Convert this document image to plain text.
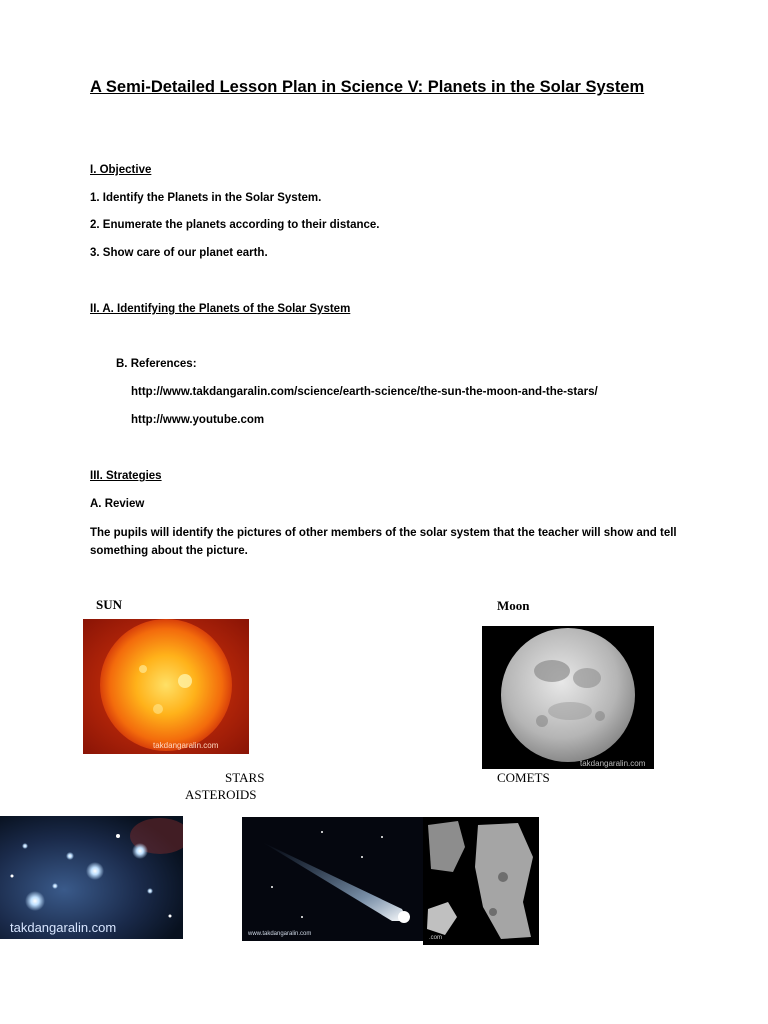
A Semi-Detailed Lesson Plan in Science V: Planets in the Solar System
I. Objective
1. Identify the Planets in the Solar System.
2. Enumerate the planets according to their distance.
3. Show care of our planet earth.
II. A. Identifying the Planets of the Solar System
B. References:
http://www.takdangaralin.com/science/earth-science/the-sun-the-moon-and-the-stars/
http://www.youtube.com
III. Strategies
A. Review
The pupils will identify the pictures of other members of the solar system that the teacher will show and tell something about the picture.
SUN	Moon
STARS	COMETS
ASTEROIDS
takdangaralin.com
takdangaralin.com
takdangaralin.com	www.takdangaralin.com
.com
